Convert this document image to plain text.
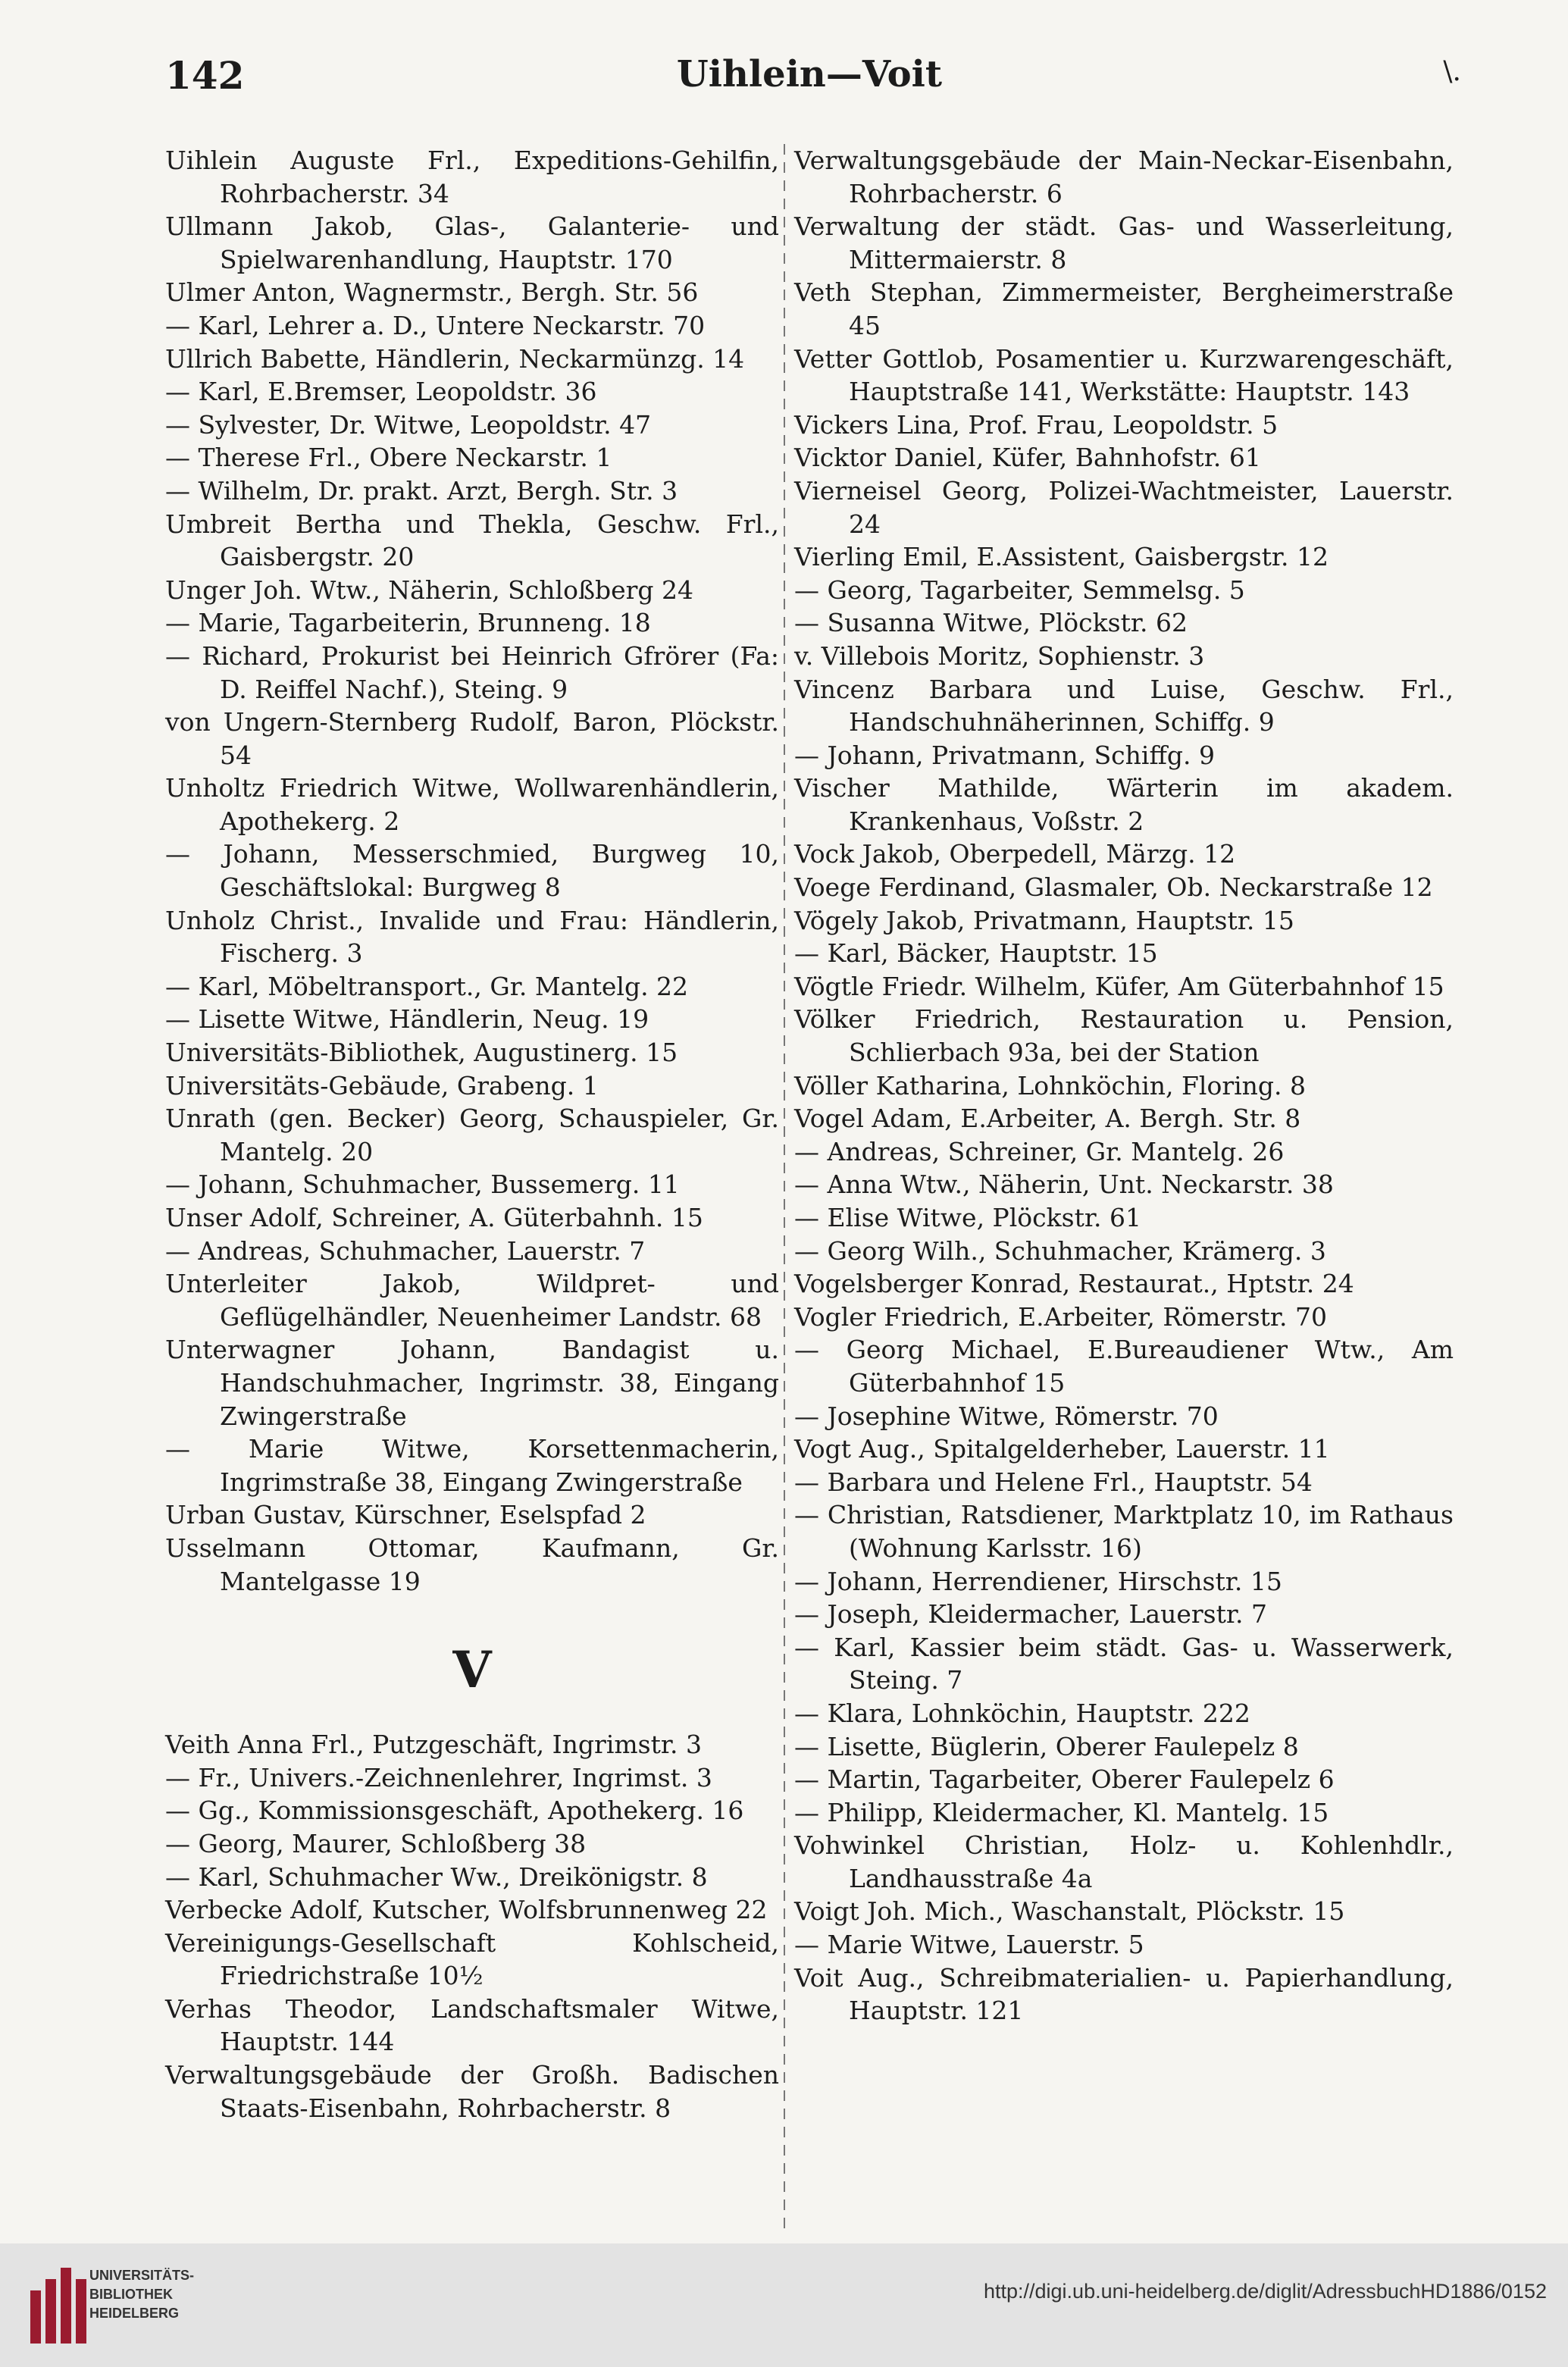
142	Uihlein—Voit	\.
Uihlein Auguste Frl., Expeditions-Gehilfin, Rohrbacherstr. 34
Ullmann Jakob, Glas-, Galanterie- und Spielwarenhandlung, Hauptstr. 170
Ulmer Anton, Wagnermstr., Bergh. Str. 56
— Karl, Lehrer a. D., Untere Neckarstr. 70
Ullrich Babette, Händlerin, Neckarmünzg. 14
— Karl, E.Bremser, Leopoldstr. 36
— Sylvester, Dr. Witwe, Leopoldstr. 47
— Therese Frl., Obere Neckarstr. 1
— Wilhelm, Dr. prakt. Arzt, Bergh. Str. 3
Umbreit Bertha und Thekla, Geschw. Frl., Gaisbergstr. 20
Unger Joh. Wtw., Näherin, Schloßberg 24
— Marie, Tagarbeiterin, Brunneng. 18
— Richard, Prokurist bei Heinrich Gfrörer (Fa: D. Reiffel Nachf.), Steing. 9
von Ungern-Sternberg Rudolf, Baron, Plöckstr. 54
Unholtz Friedrich Witwe, Wollwarenhändlerin, Apothekerg. 2
— Johann, Messerschmied, Burgweg 10, Geschäftslokal: Burgweg 8
Unholz Christ., Invalide und Frau: Händlerin, Fischerg. 3
— Karl, Möbeltransport., Gr. Mantelg. 22
— Lisette Witwe, Händlerin, Neug. 19
Universitäts-Bibliothek, Augustinerg. 15
Universitäts-Gebäude, Grabeng. 1
Unrath (gen. Becker) Georg, Schauspieler, Gr. Mantelg. 20
— Johann, Schuhmacher, Bussemerg. 11
Unser Adolf, Schreiner, A. Güterbahnh. 15
— Andreas, Schuhmacher, Lauerstr. 7
Unterleiter Jakob, Wildpret- und Geflügelhändler, Neuenheimer Landstr. 68
Unterwagner Johann, Bandagist u. Handschuhmacher, Ingrimstr. 38, Eingang Zwingerstraße
— Marie Witwe, Korsettenmacherin, Ingrimstraße 38, Eingang Zwingerstraße
Urban Gustav, Kürschner, Eselspfad 2
Usselmann Ottomar, Kaufmann, Gr. Mantelgasse 19
V
Veith Anna Frl., Putzgeschäft, Ingrimstr. 3
— Fr., Univers.-Zeichnenlehrer, Ingrimst. 3
— Gg., Kommissionsgeschäft, Apothekerg. 16
— Georg, Maurer, Schloßberg 38
— Karl, Schuhmacher Ww., Dreikönigstr. 8
Verbecke Adolf, Kutscher, Wolfsbrunnenweg 22
Vereinigungs-Gesellschaft Kohlscheid, Friedrichstraße 10½
Verhas Theodor, Landschaftsmaler Witwe, Hauptstr. 144
Verwaltungsgebäude der Großh. Badischen Staats-Eisenbahn, Rohrbacherstr. 8
Verwaltungsgebäude der Main-Neckar-Eisenbahn, Rohrbacherstr. 6
Verwaltung der städt. Gas- und Wasserleitung, Mittermaierstr. 8
Veth Stephan, Zimmermeister, Bergheimerstraße 45
Vetter Gottlob, Posamentier u. Kurzwarengeschäft, Hauptstraße 141, Werkstätte: Hauptstr. 143
Vickers Lina, Prof. Frau, Leopoldstr. 5
Vicktor Daniel, Küfer, Bahnhofstr. 61
Vierneisel Georg, Polizei-Wachtmeister, Lauerstr. 24
Vierling Emil, E.Assistent, Gaisbergstr. 12
— Georg, Tagarbeiter, Semmelsg. 5
— Susanna Witwe, Plöckstr. 62
v. Villebois Moritz, Sophienstr. 3
Vincenz Barbara und Luise, Geschw. Frl., Handschuhnäherinnen, Schiffg. 9
— Johann, Privatmann, Schiffg. 9
Vischer Mathilde, Wärterin im akadem. Krankenhaus, Voßstr. 2
Vock Jakob, Oberpedell, Märzg. 12
Voege Ferdinand, Glasmaler, Ob. Neckarstraße 12
Vögely Jakob, Privatmann, Hauptstr. 15
— Karl, Bäcker, Hauptstr. 15
Vögtle Friedr. Wilhelm, Küfer, Am Güterbahnhof 15
Völker Friedrich, Restauration u. Pension, Schlierbach 93a, bei der Station
Völler Katharina, Lohnköchin, Floring. 8
Vogel Adam, E.Arbeiter, A. Bergh. Str. 8
— Andreas, Schreiner, Gr. Mantelg. 26
— Anna Wtw., Näherin, Unt. Neckarstr. 38
— Elise Witwe, Plöckstr. 61
— Georg Wilh., Schuhmacher, Krämerg. 3
Vogelsberger Konrad, Restaurat., Hptstr. 24
Vogler Friedrich, E.Arbeiter, Römerstr. 70
— Georg Michael, E.Bureaudiener Wtw., Am Güterbahnhof 15
— Josephine Witwe, Römerstr. 70
Vogt Aug., Spitalgelderheber, Lauerstr. 11
— Barbara und Helene Frl., Hauptstr. 54
— Christian, Ratsdiener, Marktplatz 10, im Rathaus (Wohnung Karlsstr. 16)
— Johann, Herrendiener, Hirschstr. 15
— Joseph, Kleidermacher, Lauerstr. 7
— Karl, Kassier beim städt. Gas- u. Wasserwerk, Steing. 7
— Klara, Lohnköchin, Hauptstr. 222
— Lisette, Büglerin, Oberer Faulepelz 8
— Martin, Tagarbeiter, Oberer Faulepelz 6
— Philipp, Kleidermacher, Kl. Mantelg. 15
Vohwinkel Christian, Holz- u. Kohlenhdlr., Landhausstraße 4a
Voigt Joh. Mich., Waschanstalt, Plöckstr. 15
— Marie Witwe, Lauerstr. 5
Voit Aug., Schreibmaterialien- u. Papierhandlung, Hauptstr. 121
UNIVERSITÄTS-
BIBLIOTHEK
HEIDELBERG
http://digi.ub.uni-heidelberg.de/diglit/AdressbuchHD1886/0152
